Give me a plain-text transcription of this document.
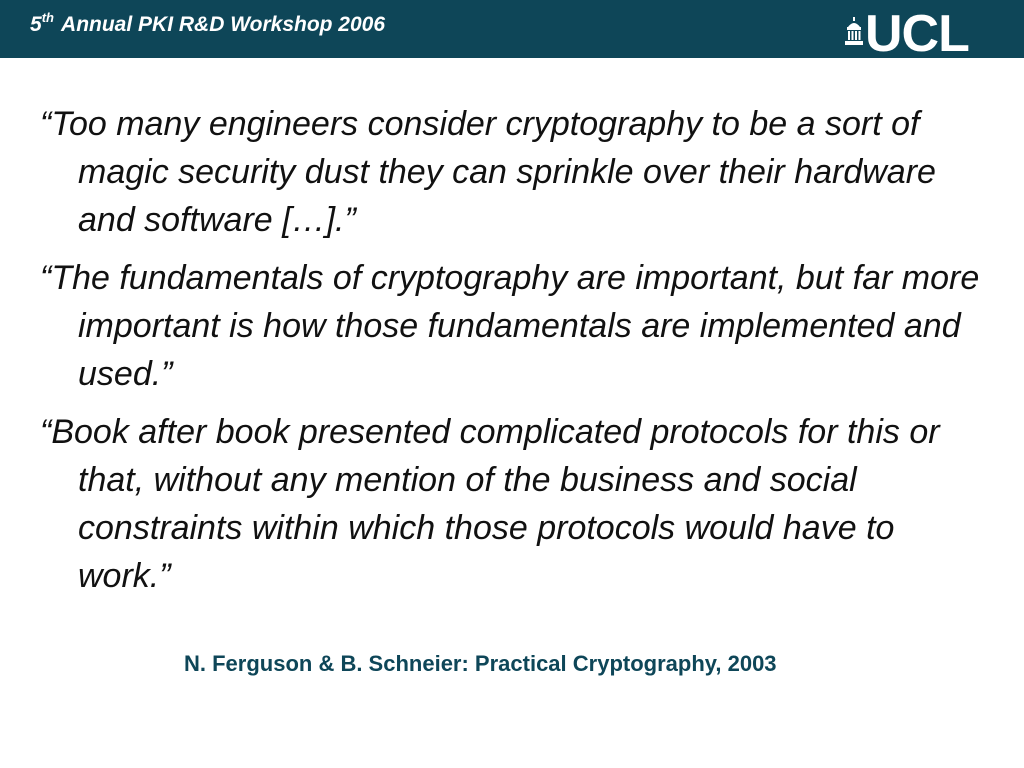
5th Annual PKI R&D Workshop 2006	UCL
“Too many engineers consider cryptography to be a sort of magic security dust they can sprinkle over their hardware and software […].”
“The fundamentals of cryptography are important, but far more important is how those fundamentals are implemented and used.”
“Book after book presented complicated protocols for this or that, without any mention of the business and social constraints within which those protocols would have to work.”
N. Ferguson & B. Schneier: Practical Cryptography, 2003
